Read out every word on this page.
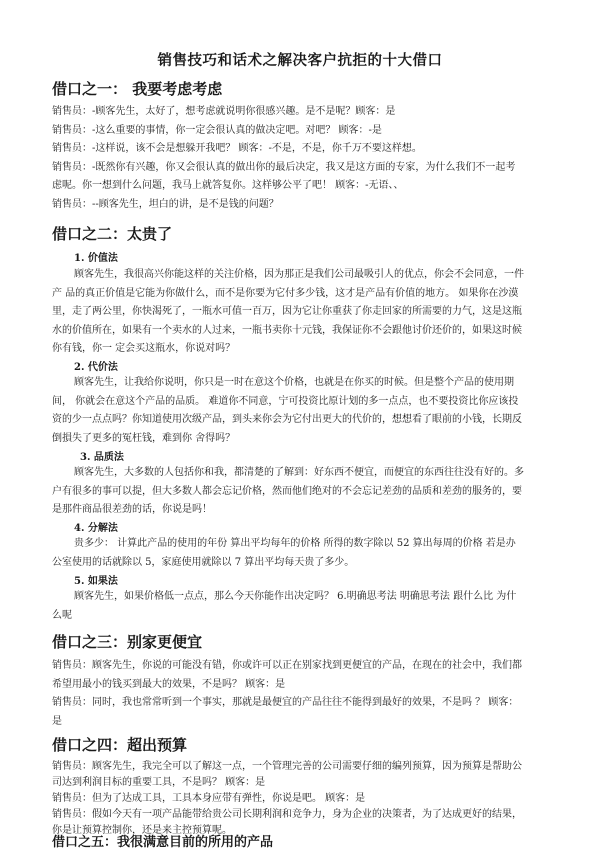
销售技巧和话术之解决客户抗拒的十大借口
借口之一： 我要考虑考虑
销售员：-顾客先生，太好了，想考虑就说明你很感兴趣。是不是呢？顾客：是
销售员：-这么重要的事情，你一定会很认真的做决定吧。对吧？ 顾客：-是
销售员：-这样说，该不会是想躲开我吧？ 顾客：-不是，不是，你千万不要这样想。
销售员：-既然你有兴趣，你又会很认真的做出你的最后决定，我又是这方面的专家，为什么我们不一起考
虑呢。你一想到什么问题，我马上就答复你。这样够公平了吧！ 顾客：-无语、、
销售员：--顾客先生，坦白的讲，是不是钱的问题？
借口之二：太贵了
1. 价值法
顾客先生，我很高兴你能这样的关注价格，因为那正是我们公司最吸引人的优点，你会不会同意，一件
产 品的真正价值是它能为你做什么，而不是你要为它付多少钱，这才是产品有价值的地方。 如果你在沙漠
里，走了两公里，你快渴死了，一瓶水可值一百万，因为它让你重获了你走回家的所需要的力气，这是这瓶
水的价值所在，如果有一个卖水的人过来，一瓶书卖你十元钱，我保证你不会跟他讨价还价的，如果这时候
你有钱，你一 定会买这瓶水，你说对吗？
2. 代价法
顾客先生，让我给你说明，你只是一时在意这个价格，也就是在你买的时候。但是整个产品的使用期
间， 你就会在意这个产品的品质。 难道你不同意，宁可投资比原计划的多一点点，也不要投资比你应该投
资的少一点点吗？你知道使用次级产品，到头来你会为它付出更大的代价的，想想看了眼前的小钱，长期反
倒損失了更多的冤枉钱，难到你 舍得吗？
3. 品质法
顾客先生，大多数的人包括你和我，都清楚的了解到：好东西不便宜，而便宜的东西往往没有好的。多
户有很多的事可以提，但大多数人都会忘记价格，然而他们绝对的不会忘记差劲的品质和差劲的服务的，要
是那件商品很差劲的话，你说是吗！
4. 分解法
贵多少： 计算此产品的使用的年份 算出平均每年的价格 所得的数字除以 52 算出每周的价格 若是办
公室使用的话就除以 5，家庭使用就除以 7 算出平均每天贵了多少。
5. 如果法
顾客先生，如果价格低一点点，那么今天你能作出决定吗？ 6.明确思考法 明确思考法 跟什么比 为什
么呢
借口之三：别家更便宜
销售员：顾客先生，你说的可能没有错，你或许可以正在别家找到更便宜的产品，在现在的社会中，我们都
希望用最小的钱买到最大的效果，不是吗？ 顾客：是
销售员：同时，我也常常听到一个事实，那就是最便宜的产品往往不能得到最好的效果，不是吗 ？ 顾客：
是
借口之四：超出预算
销售员：顾客先生，我完全可以了解这一点，一个管理完善的公司需要仔细的编列预算，因为预算是帮助公
司达到利润目标的重要工具，不是吗？ 顾客：是
销售员：但为了达成工具，工具本身应带有弹性，你说是吧。 顾客：是
销售员：假如今天有一项产品能带给贵公司长期利润和竞争力，身为企业的决策者，为了达成更好的结果，
你是让预算控制你，还是来主控预算呢。
借口之五：我很满意目前的所用的产品
